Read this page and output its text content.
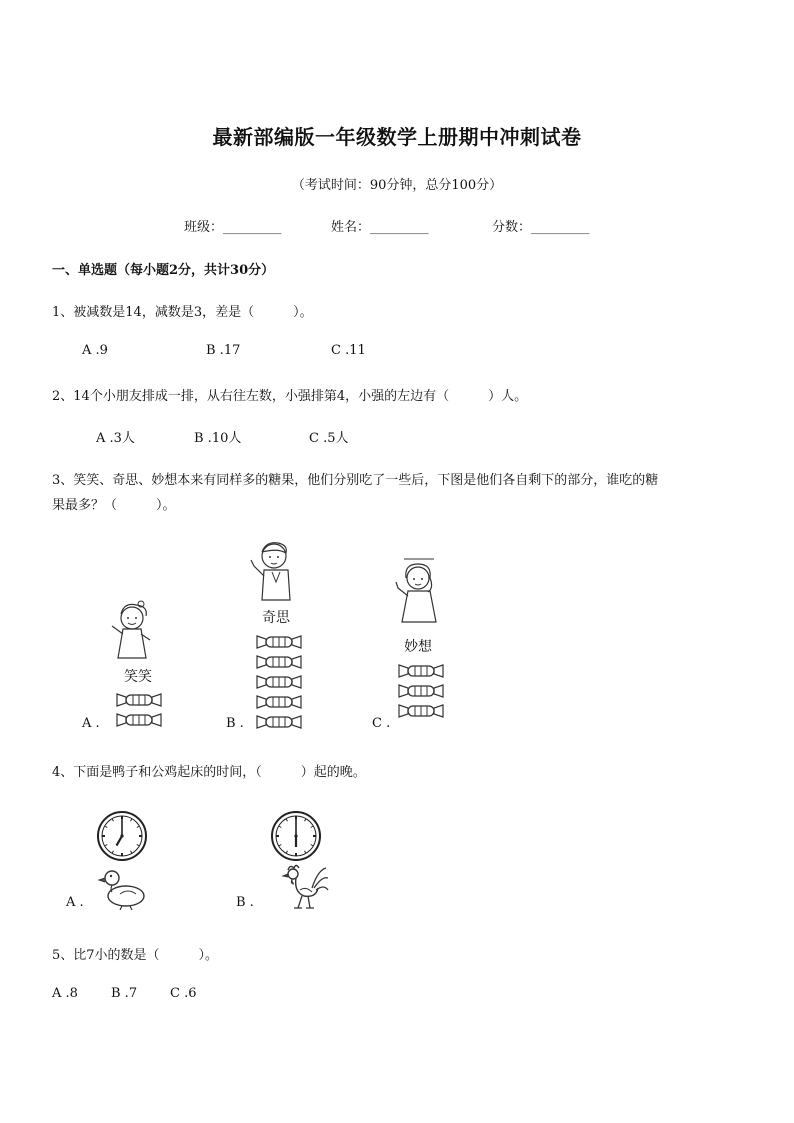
最新部编版一年级数学上册期中冲刺试卷
（考试时间：90分钟，总分100分）
班级：_________	姓名：_________	分数：_________
一、单选题（每小题2分，共计30分）
1、被减数是14，减数是3，差是（　　　）。
A .9	B .17	C .11
2、14个小朋友排成一排，从右往左数，小强排第4，小强的左边有（　　　）人。
A .3人	B .10人	C .5人
3、笑笑、奇思、妙想本来有同样多的糖果，他们分别吃了一些后，下图是他们各自剩下的部分，谁吃的糖
果最多？（　　　）。
笑笑
奇思
妙想
A .	B .	C .
4、下面是鸭子和公鸡起床的时间，（　　　）起的晚。
A .	B .
5、比7小的数是（　　　）。
A .8	B .7	C .6
